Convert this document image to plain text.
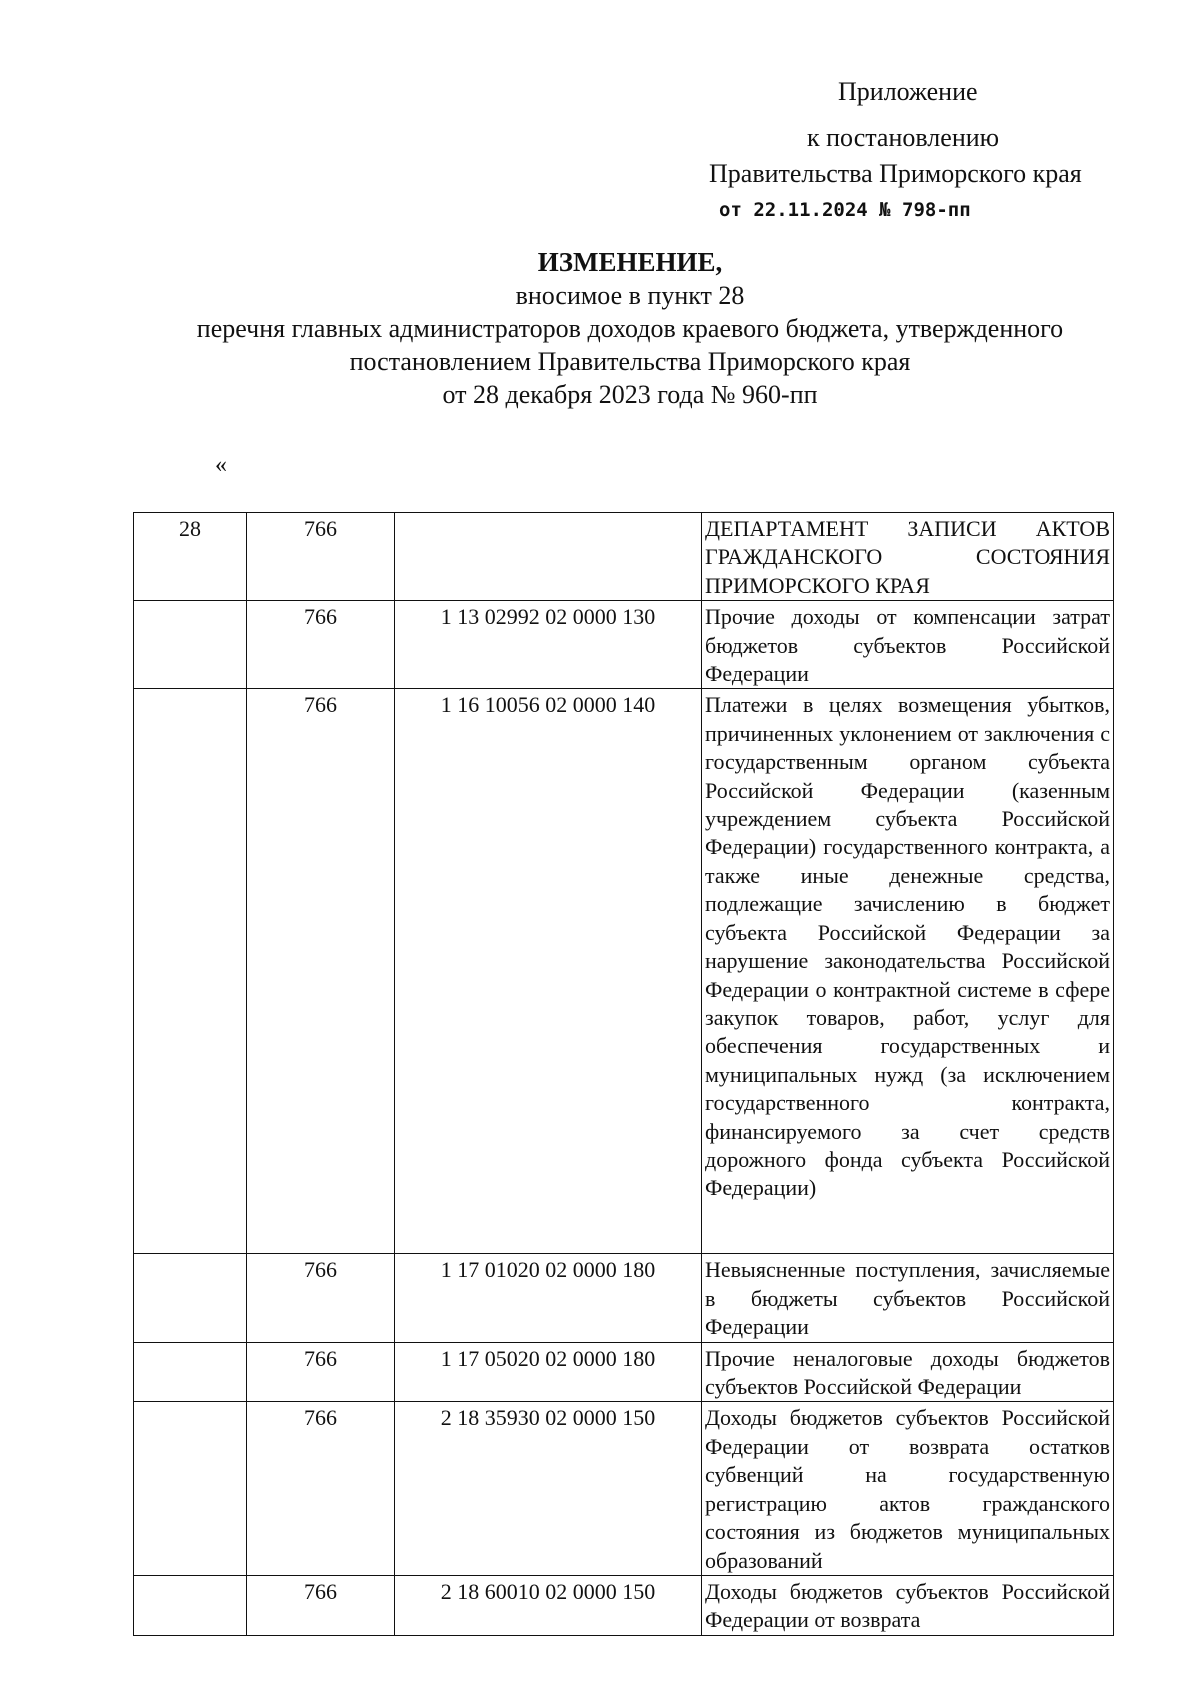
Приложение
к постановлению
Правительства Приморского края
от 22.11.2024 № 798-пп
ИЗМЕНЕНИЕ,
вносимое в пункт 28
перечня главных администраторов доходов краевого бюджета, утвержденного
постановлением Правительства Приморского края
от 28 декабря 2023 года № 960-пп
«
28	766		ДЕПАРТАМЕНТ ЗАПИСИ АКТОВ ГРАЖДАНСКОГО СОСТОЯНИЯ ПРИМОРСКОГО КРАЯ
	766	1 13 02992 02 0000 130	Прочие доходы от компенсации затрат бюджетов субъектов Российской Федерации
	766	1 16 10056 02 0000 140	Платежи в целях возмещения убытков, причиненных уклонением от заключения с государственным органом субъекта Российской Федерации (казенным учреждением субъекта Российской Федерации) государственного контракта, а также иные денежные средства, подлежащие зачислению в бюджет субъекта Российской Федерации за нарушение законодательства Российской Федерации о контрактной системе в сфере закупок товаров, работ, услуг для обеспечения государственных и муниципальных нужд (за исключением государственного контракта, финансируемого за счет средств дорожного фонда субъекта Российской Федерации)
	766	1 17 01020 02 0000 180	Невыясненные поступления, зачисляемые в бюджеты субъектов Российской Федерации
	766	1 17 05020 02 0000 180	Прочие неналоговые доходы бюджетов субъектов Российской Федерации
	766	2 18 35930 02 0000 150	Доходы бюджетов субъектов Российской Федерации от возврата остатков субвенций на государственную регистрацию актов гражданского состояния из бюджетов муниципальных образований
	766	2 18 60010 02 0000 150	Доходы бюджетов субъектов Российской Федерации от возврата
